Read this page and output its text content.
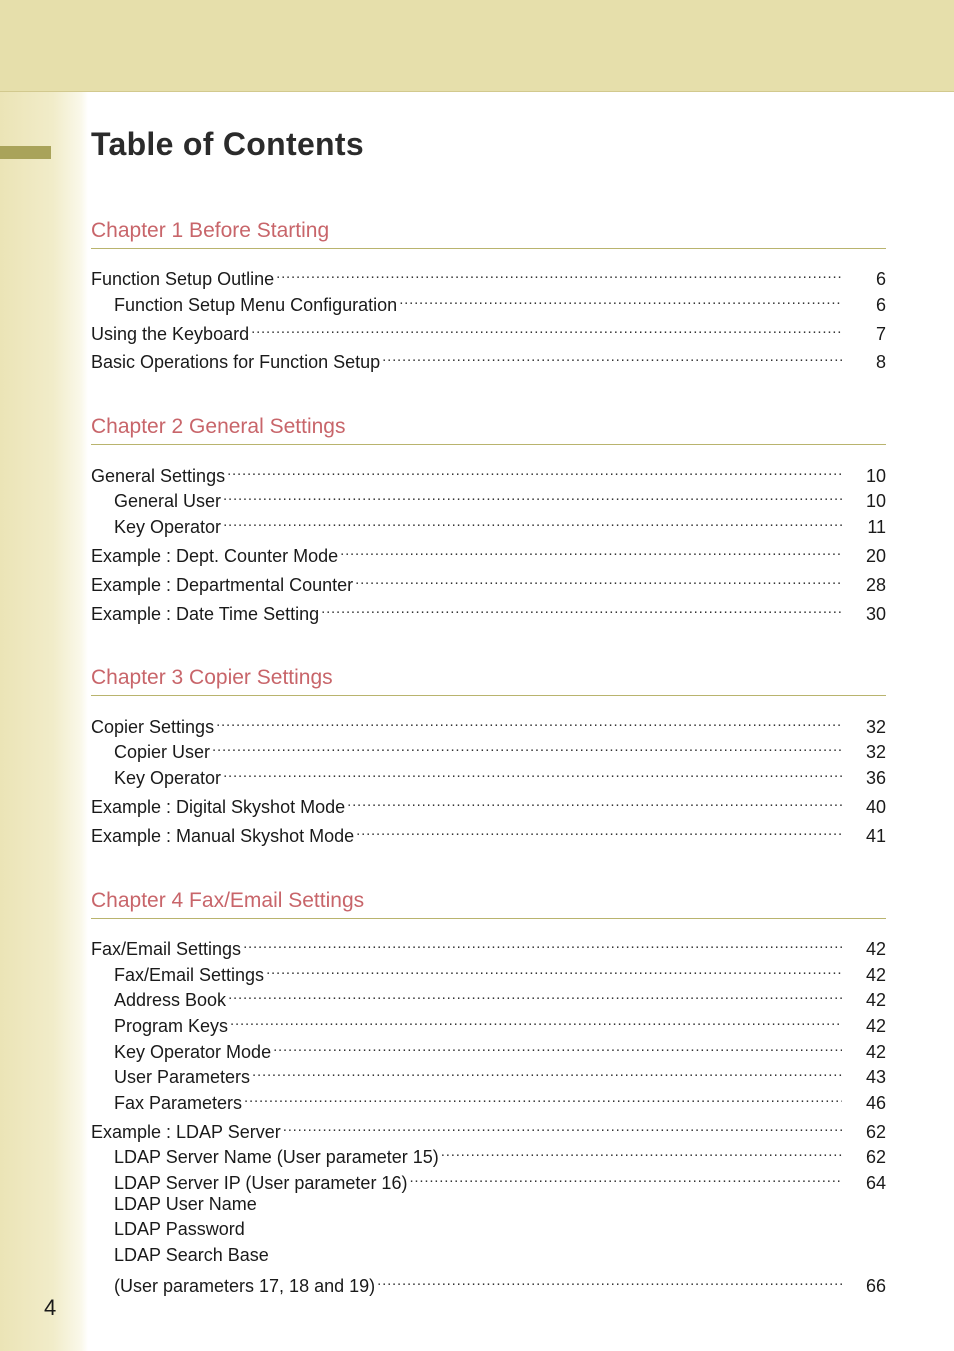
Table of Contents
Chapter 1 Before Starting
Function Setup Outline .....	6
Function Setup Menu Configuration .....	6
Using the Keyboard .....	7
Basic Operations for Function Setup .....	8
Chapter 2 General Settings
General Settings .....	10
General User .....	10
Key Operator .....	11
Example : Dept. Counter Mode .....	20
Example : Departmental Counter .....	28
Example : Date Time Setting .....	30
Chapter 3 Copier Settings
Copier Settings .....	32
Copier User .....	32
Key Operator .....	36
Example : Digital Skyshot Mode .....	40
Example : Manual Skyshot Mode .....	41
Chapter 4 Fax/Email Settings
Fax/Email Settings .....	42
Fax/Email Settings .....	42
Address Book .....	42
Program Keys .....	42
Key Operator Mode .....	42
User Parameters .....	43
Fax Parameters .....	46
Example : LDAP Server .....	62
LDAP Server Name (User parameter 15) .....	62
LDAP Server IP (User parameter 16) .....	64
LDAP User Name
LDAP Password
LDAP Search Base
(User parameters 17, 18 and 19) .....	66
4
